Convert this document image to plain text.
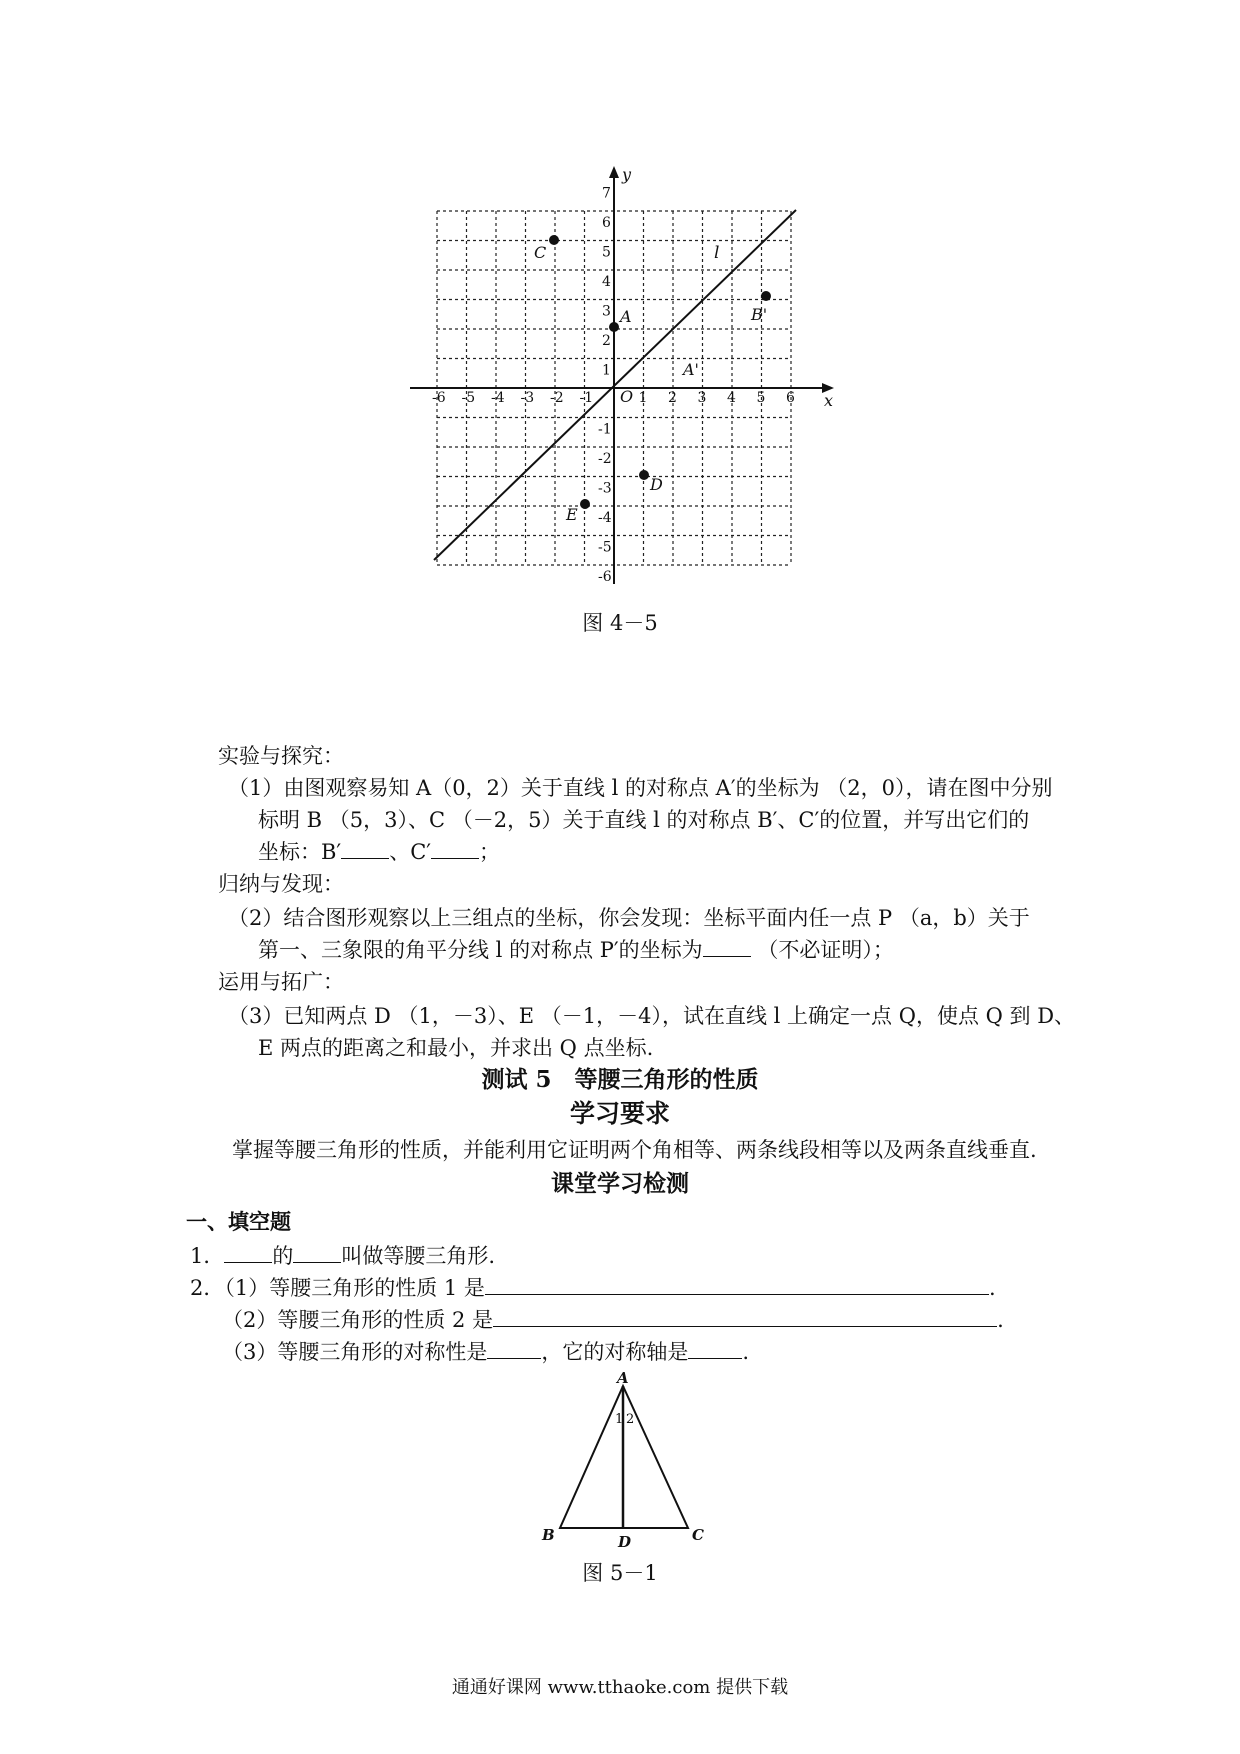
-6 -5 -4 -3 -2 -1	1 2 3 4 5 6
1
2
3
4
5
6
7
-1
-2
-3
-4
-5
-6
x
y
O
l
A	B'
C
D
E
A'
图 4－5
实验与探究：
（1）由图观察易知 A（0，2）关于直线 l 的对称点 A′的坐标为 （2，0），请在图中分别
标明 B （5，3）、C （－2，5）关于直线 l 的对称点 B′、C′的位置，并写出它们的
坐标：B′ 、C′ ；
归纳与发现：
（2）结合图形观察以上三组点的坐标，你会发现：坐标平面内任一点 P （a，b）关于
第一、三象限的角平分线 l 的对称点 P′的坐标为 （不必证明）；
运用与拓广：
（3）已知两点 D （1，－3）、E （－1，－4），试在直线 l 上确定一点 Q，使点 Q 到 D、
E 两点的距离之和最小，并求出 Q 点坐标.
测试 5　等腰三角形的性质
学习要求
掌握等腰三角形的性质，并能利用它证明两个角相等、两条线段相等以及两条直线垂直.
课堂学习检测
一、填空题
1． 的 叫做等腰三角形.
2．（1）等腰三角形的性质 1 是	.
（2）等腰三角形的性质 2 是	.
（3）等腰三角形的对称性是	，它的对称轴是	.
A
B	C
D
1 2
图 5－1
通通好课网 www.tthaoke.com 提供下载
